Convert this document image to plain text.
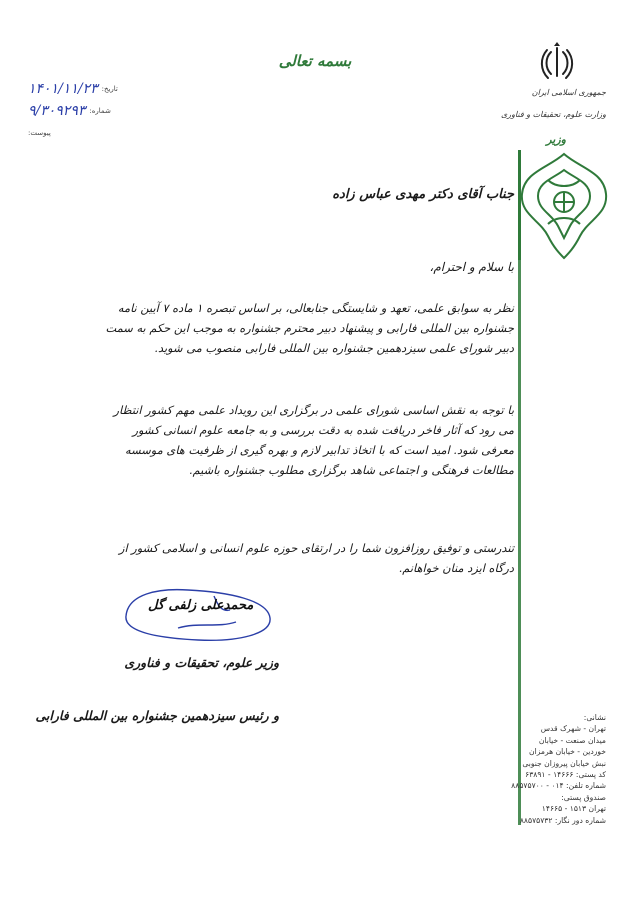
تاریخ:
۱۴۰۱/۱۱/۲۳
شماره:
۹/۳۰۹۲۹۳
پیوست:
بسمه تعالی
جمهوری اسلامی ایران
وزارت علوم، تحقیقات و فناوری
وزیر
جناب آقای دکتر مهدی عباس زاده
با سلام و احترام،
نظر به سوابق علمی، تعهد و شایستگی جنابعالی، بر اساس تبصره ۱ ماده ۷ آیین نامه جشنواره بین المللی فارابی و پیشنهاد دبیر محترم جشنواره به موجب این حکم به سمت دبیر شورای علمی سیزدهمین جشنواره بین المللی فارابی منصوب می شوید.
با توجه به نقش اساسی شورای علمی در برگزاری این رویداد علمی مهم کشور انتظار می رود که آثار فاخر دریافت شده به دقت بررسی و به جامعه علوم انسانی کشور معرفی شود. امید است که با اتخاذ تدابیر لازم و بهره گیری از ظرفیت های موسسه مطالعات فرهنگی و اجتماعی شاهد برگزاری مطلوب جشنواره باشیم.
تندرستی و توفیق روزافزون شما را در ارتقای حوزه علوم انسانی و اسلامی کشور از درگاه ایزد منان خواهانم.
محمدعلی زلفی گل
وزیر علوم، تحقیقات و فناوری
و رئیس سیزدهمین جشنواره بین المللی فارابی	نشانی:
تهران - شهرک قدس
میدان صنعت - خیابان
خوردین - خیابان هرمزان
نبش خیابان پیروزان جنوبی
کد پستی: ۱۴۶۶۶ - ۶۳۸۹۱
شماره تلفن: ۰۱۴ - ۸۸۵۷۵۷۰۰
صندوق پستی:
تهران ۱۵۱۳ - ۱۴۶۶۵
شماره دور نگار: ۸۸۵۷۵۷۳۲
